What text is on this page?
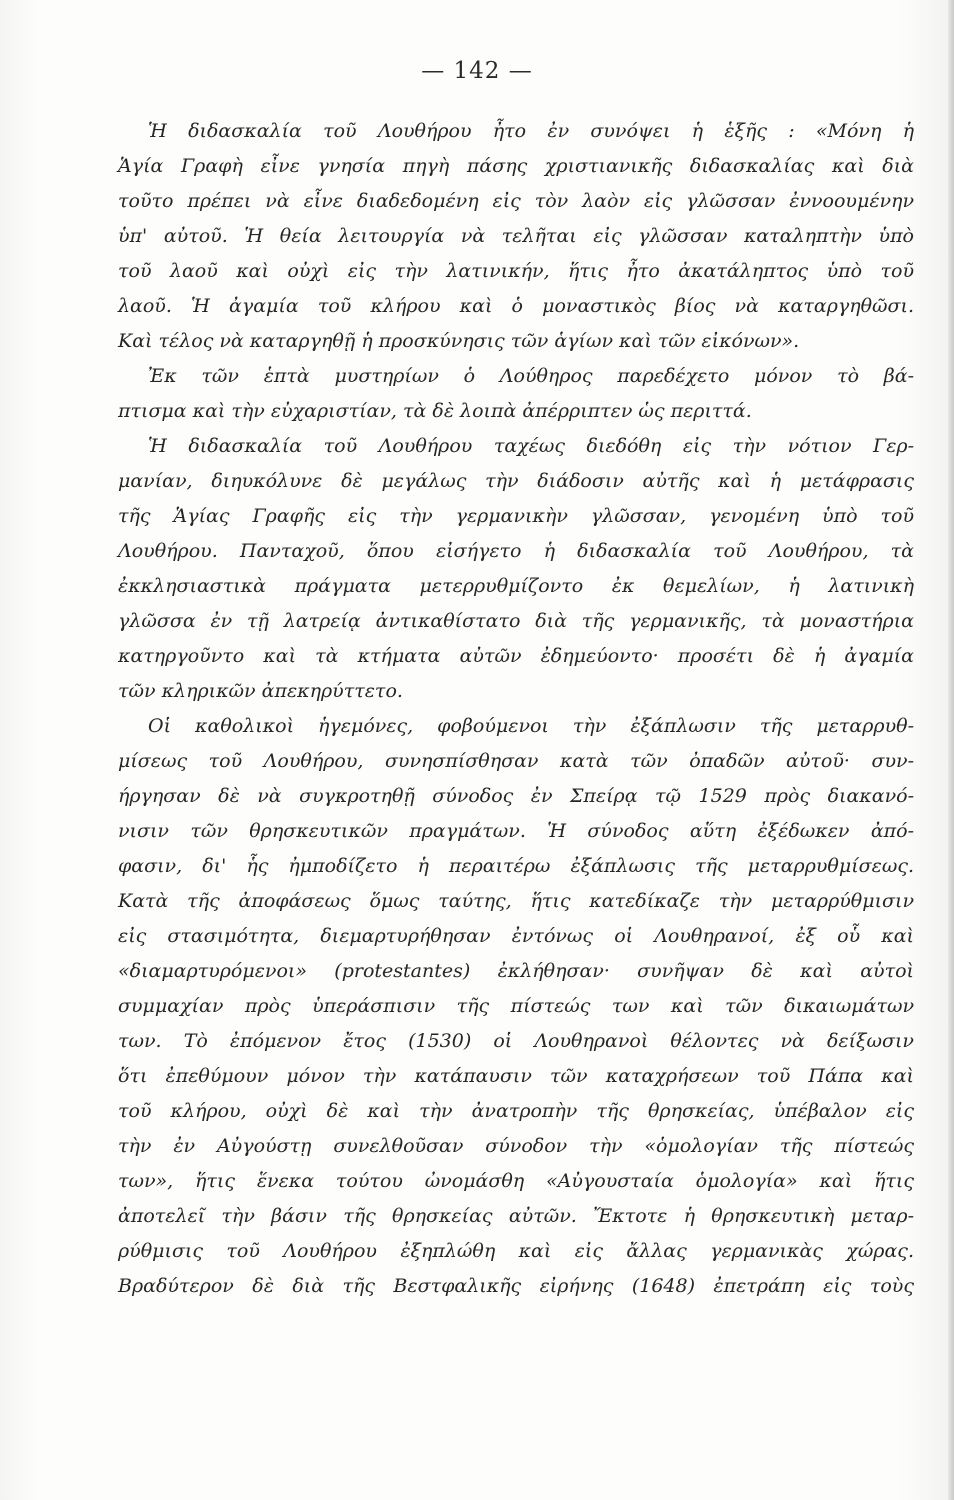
— 142 —
Ἡ διδασκαλία τοῦ Λουθήρου ἦτο ἐν συνόψει ἡ ἑξῆς : «Μόνη ἡ
Ἁγία Γραφὴ εἶνε γνησία πηγὴ πάσης χριστιανικῆς διδασκαλίας καὶ διὰ
τοῦτο πρέπει νὰ εἶνε διαδεδομένη εἰς τὸν λαὸν εἰς γλῶσσαν ἐννοουμένην
ὑπ' αὐτοῦ. Ἡ θεία λειτουργία νὰ τελῆται εἰς γλῶσσαν καταληπτὴν ὑπὸ
τοῦ λαοῦ καὶ οὐχὶ εἰς τὴν λατινικήν, ἥτις ἦτο ἀκατάληπτος ὑπὸ τοῦ
λαοῦ. Ἡ ἀγαμία τοῦ κλήρου καὶ ὁ μοναστικὸς βίος νὰ καταργηθῶσι.
Καὶ τέλος νὰ καταργηθῇ ἡ προσκύνησις τῶν ἁγίων καὶ τῶν εἰκόνων».
Ἐκ τῶν ἑπτὰ μυστηρίων ὁ Λούθηρος παρεδέχετο μόνον τὸ βά-
πτισμα καὶ τὴν εὐχαριστίαν, τὰ δὲ λοιπὰ ἀπέρριπτεν ὡς περιττά.
Ἡ διδασκαλία τοῦ Λουθήρου ταχέως διεδόθη εἰς τὴν νότιον Γερ-
μανίαν, διηυκόλυνε δὲ μεγάλως τὴν διάδοσιν αὐτῆς καὶ ἡ μετάφρασις
τῆς Ἁγίας Γραφῆς εἰς τὴν γερμανικὴν γλῶσσαν, γενομένη ὑπὸ τοῦ
Λουθήρου. Πανταχοῦ, ὅπου εἰσήγετο ἡ διδασκαλία τοῦ Λουθήρου, τὰ
ἐκκλησιαστικὰ πράγματα μετερρυθμίζοντο ἐκ θεμελίων, ἡ λατινικὴ
γλῶσσα ἐν τῇ λατρείᾳ ἀντικαθίστατο διὰ τῆς γερμανικῆς, τὰ μοναστήρια
κατηργοῦντο καὶ τὰ κτήματα αὐτῶν ἐδημεύοντο· προσέτι δὲ ἡ ἀγαμία
τῶν κληρικῶν ἀπεκηρύττετο.
Οἱ καθολικοὶ ἡγεμόνες, φοβούμενοι τὴν ἐξάπλωσιν τῆς μεταρρυθ-
μίσεως τοῦ Λουθήρου, συνησπίσθησαν κατὰ τῶν ὀπαδῶν αὐτοῦ· συν-
ήργησαν δὲ νὰ συγκροτηθῇ σύνοδος ἐν Σπείρᾳ τῷ 1529 πρὸς διακανό-
νισιν τῶν θρησκευτικῶν πραγμάτων. Ἡ σύνοδος αὕτη ἐξέδωκεν ἀπό-
φασιν, δι' ἧς ἠμποδίζετο ἡ περαιτέρω ἐξάπλωσις τῆς μεταρρυθμίσεως.
Κατὰ τῆς ἀποφάσεως ὅμως ταύτης, ἥτις κατεδίκαζε τὴν μεταρρύθμισιν
εἰς στασιμότητα, διεμαρτυρήθησαν ἐντόνως οἱ Λουθηρανοί, ἐξ οὗ καὶ
«διαμαρτυρόμενοι» (protestantes) ἐκλήθησαν· συνῆψαν δὲ καὶ αὐτοὶ
συμμαχίαν πρὸς ὑπεράσπισιν τῆς πίστεώς των καὶ τῶν δικαιωμάτων
των. Τὸ ἐπόμενον ἔτος (1530) οἱ Λουθηρανοὶ θέλοντες νὰ δείξωσιν
ὅτι ἐπεθύμουν μόνον τὴν κατάπαυσιν τῶν καταχρήσεων τοῦ Πάπα καὶ
τοῦ κλήρου, οὐχὶ δὲ καὶ τὴν ἀνατροπὴν τῆς θρησκείας, ὑπέβαλον εἰς
τὴν ἐν Αὐγούστῃ συνελθοῦσαν σύνοδον τὴν «ὁμολογίαν τῆς πίστεώς
των», ἥτις ἕνεκα τούτου ὠνομάσθη «Αὐγουσταία ὁμολογία» καὶ ἥτις
ἀποτελεῖ τὴν βάσιν τῆς θρησκείας αὐτῶν. Ἔκτοτε ἡ θρησκευτικὴ μεταρ-
ρύθμισις τοῦ Λουθήρου ἐξηπλώθη καὶ εἰς ἄλλας γερμανικὰς χώρας.
Βραδύτερον δὲ διὰ τῆς Βεστφαλικῆς εἰρήνης (1648) ἐπετράπη εἰς τοὺς
